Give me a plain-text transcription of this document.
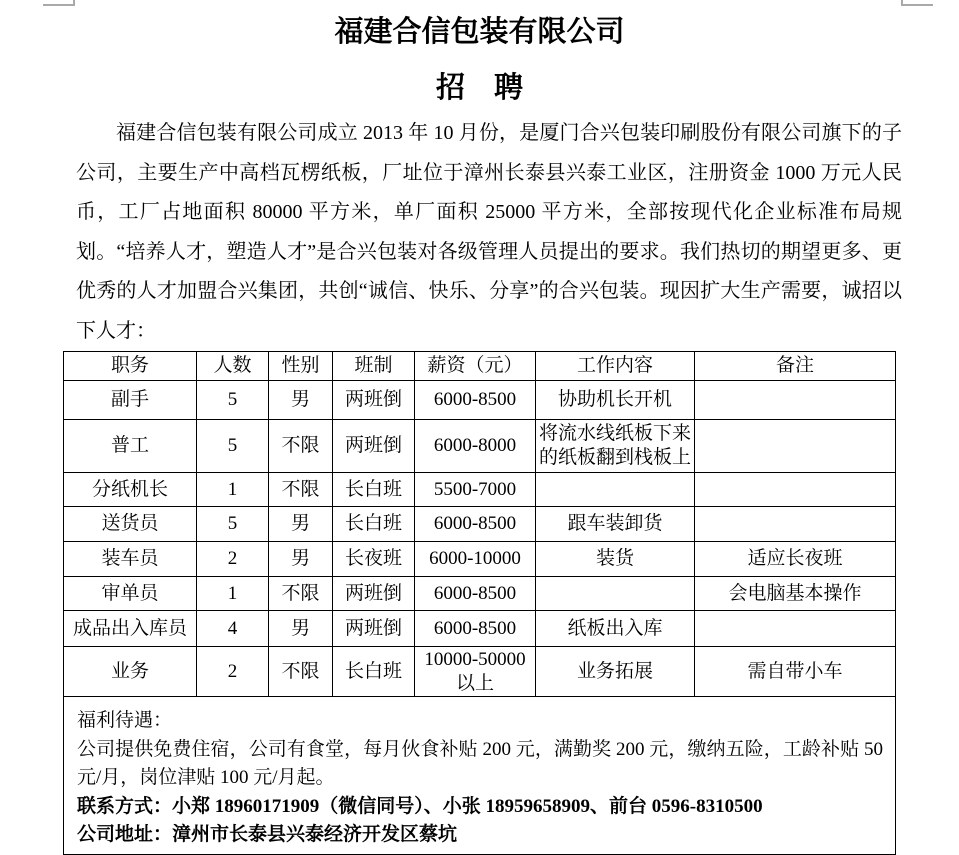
福建合信包装有限公司
招　聘

福建合信包装有限公司成立 2013 年 10 月份，是厦门合兴包装印刷股份有限公司旗下的子公司，主要生产中高档瓦楞纸板，厂址位于漳州长泰县兴泰工业区，注册资金 1000 万元人民币，工厂占地面积 80000 平方米，单厂面积 25000 平方米，全部按现代化企业标准布局规划。“培养人才，塑造人才”是合兴包装对各级管理人员提出的要求。我们热切的期望更多、更优秀的人才加盟合兴集团，共创“诚信、快乐、分享”的合兴包装。现因扩大生产需要，诚招以下人才：

职务	人数	性别	班制	薪资（元）	工作内容	备注
副手	5	男	两班倒	6000-8500	协助机长开机	
普工	5	不限	两班倒	6000-8000	将流水线纸板下来的纸板翻到栈板上	
分纸机长	1	不限	长白班	5500-7000		
送货员	5	男	长白班	6000-8500	跟车装卸货	
装车员	2	男	长夜班	6000-10000	装货	适应长夜班
审单员	1	不限	两班倒	6000-8500		会电脑基本操作
成品出入库员	4	男	两班倒	6000-8500	纸板出入库	
业务	2	不限	长白班	10000-50000 以上	业务拓展	需自带小车

福利待遇：
公司提供免费住宿，公司有食堂，每月伙食补贴 200 元，满勤奖 200 元，缴纳五险，工龄补贴 50 元/月，岗位津贴 100 元/月起。
联系方式：小郑 18960171909（微信同号）、小张 18959658909、前台 0596-8310500
公司地址：漳州市长泰县兴泰经济开发区蔡坑						
